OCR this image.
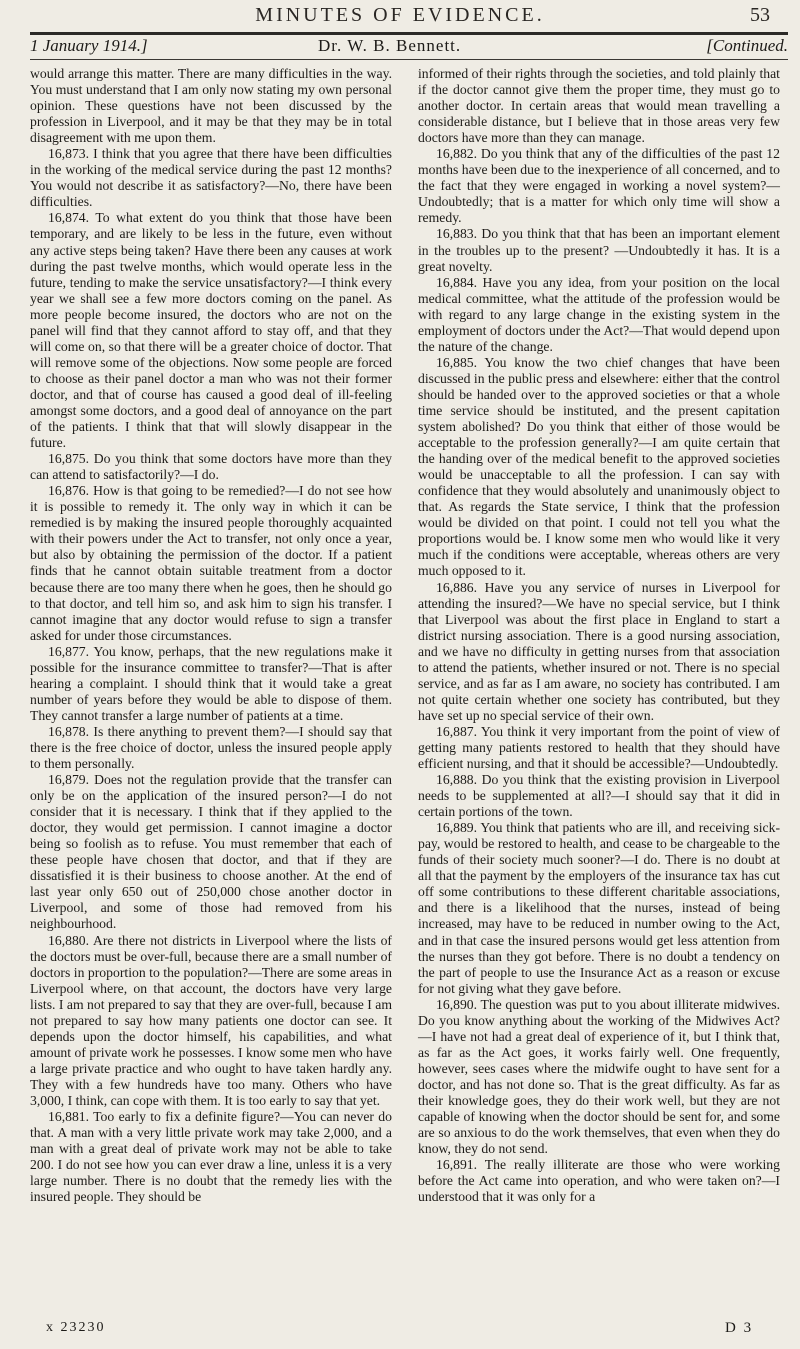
MINUTES OF EVIDENCE.	53
1 January 1914.]	Dr. W. B. Bennett.	[Continued.

would arrange this matter. There are many difficulties in the way. You must understand that I am only now stating my own personal opinion. These questions have not been discussed by the profession in Liverpool, and it may be that they may be in total disagreement with me upon them.

16,873. I think that you agree that there have been difficulties in the working of the medical service during the past 12 months? You would not describe it as satisfactory?—No, there have been difficulties.

16,874. To what extent do you think that those have been temporary, and are likely to be less in the future, even without any active steps being taken? Have there been any causes at work during the past twelve months, which would operate less in the future, tending to make the service unsatisfactory?—I think every year we shall see a few more doctors coming on the panel. As more people become insured, the doctors who are not on the panel will find that they cannot afford to stay off, and that they will come on, so that there will be a greater choice of doctor. That will remove some of the objections. Now some people are forced to choose as their panel doctor a man who was not their former doctor, and that of course has caused a good deal of ill-feeling amongst some doctors, and a good deal of annoyance on the part of the patients. I think that that will slowly disappear in the future.

16,875. Do you think that some doctors have more than they can attend to satisfactorily?—I do.

16,876. How is that going to be remedied?—I do not see how it is possible to remedy it. The only way in which it can be remedied is by making the insured people thoroughly acquainted with their powers under the Act to transfer, not only once a year, but also by obtaining the permission of the doctor. If a patient finds that he cannot obtain suitable treatment from a doctor because there are too many there when he goes, then he should go to that doctor, and tell him so, and ask him to sign his transfer. I cannot imagine that any doctor would refuse to sign a transfer asked for under those circumstances.

16,877. You know, perhaps, that the new regulations make it possible for the insurance committee to transfer?—That is after hearing a complaint. I should think that it would take a great number of years before they would be able to dispose of them. They cannot transfer a large number of patients at a time.

16,878. Is there anything to prevent them?—I should say that there is the free choice of doctor, unless the insured people apply to them personally.

16,879. Does not the regulation provide that the transfer can only be on the application of the insured person?—I do not consider that it is necessary. I think that if they applied to the doctor, they would get permission. I cannot imagine a doctor being so foolish as to refuse. You must remember that each of these people have chosen that doctor, and that if they are dissatisfied it is their business to choose another. At the end of last year only 650 out of 250,000 chose another doctor in Liverpool, and some of those had removed from his neighbourhood.

16,880. Are there not districts in Liverpool where the lists of the doctors must be over-full, because there are a small number of doctors in proportion to the population?—There are some areas in Liverpool where, on that account, the doctors have very large lists. I am not prepared to say that they are over-full, because I am not prepared to say how many patients one doctor can see. It depends upon the doctor himself, his capabilities, and what amount of private work he possesses. I know some men who have a large private practice and who ought to have taken hardly any. They with a few hundreds have too many. Others who have 3,000, I think, can cope with them. It is too early to say that yet.

16,881. Too early to fix a definite figure?—You can never do that. A man with a very little private work may take 2,000, and a man with a great deal of private work may not be able to take 200. I do not see how you can ever draw a line, unless it is a very large number. There is no doubt that the remedy lies with the insured people. They should be

informed of their rights through the societies, and told plainly that if the doctor cannot give them the proper time, they must go to another doctor. In certain areas that would mean travelling a considerable distance, but I believe that in those areas very few doctors have more than they can manage.

16,882. Do you think that any of the difficulties of the past 12 months have been due to the inexperience of all concerned, and to the fact that they were engaged in working a novel system?—Undoubtedly; that is a matter for which only time will show a remedy.

16,883. Do you think that that has been an important element in the troubles up to the present? —Undoubtedly it has. It is a great novelty.

16,884. Have you any idea, from your position on the local medical committee, what the attitude of the profession would be with regard to any large change in the existing system in the employment of doctors under the Act?—That would depend upon the nature of the change.

16,885. You know the two chief changes that have been discussed in the public press and elsewhere: either that the control should be handed over to the approved societies or that a whole time service should be instituted, and the present capitation system abolished? Do you think that either of those would be acceptable to the profession generally?—I am quite certain that the handing over of the medical benefit to the approved societies would be unacceptable to all the profession. I can say with confidence that they would absolutely and unanimously object to that. As regards the State service, I think that the profession would be divided on that point. I could not tell you what the proportions would be. I know some men who would like it very much if the conditions were acceptable, whereas others are very much opposed to it.

16,886. Have you any service of nurses in Liverpool for attending the insured?—We have no special service, but I think that Liverpool was about the first place in England to start a district nursing association. There is a good nursing association, and we have no difficulty in getting nurses from that association to attend the patients, whether insured or not. There is no special service, and as far as I am aware, no society has contributed. I am not quite certain whether one society has contributed, but they have set up no special service of their own.

16,887. You think it very important from the point of view of getting many patients restored to health that they should have efficient nursing, and that it should be accessible?—Undoubtedly.

16,888. Do you think that the existing provision in Liverpool needs to be supplemented at all?—I should say that it did in certain portions of the town.

16,889. You think that patients who are ill, and receiving sick-pay, would be restored to health, and cease to be chargeable to the funds of their society much sooner?—I do. There is no doubt at all that the payment by the employers of the insurance tax has cut off some contributions to these different charitable associations, and there is a likelihood that the nurses, instead of being increased, may have to be reduced in number owing to the Act, and in that case the insured persons would get less attention from the nurses than they got before. There is no doubt a tendency on the part of people to use the Insurance Act as a reason or excuse for not giving what they gave before.

16,890. The question was put to you about illiterate midwives. Do you know anything about the working of the Midwives Act?—I have not had a great deal of experience of it, but I think that, as far as the Act goes, it works fairly well. One frequently, however, sees cases where the midwife ought to have sent for a doctor, and has not done so. That is the great difficulty. As far as their knowledge goes, they do their work well, but they are not capable of knowing when the doctor should be sent for, and some are so anxious to do the work themselves, that even when they do know, they do not send.

16,891. The really illiterate are those who were working before the Act came into operation, and who were taken on?—I understood that it was only for a

x 23230	D 3
